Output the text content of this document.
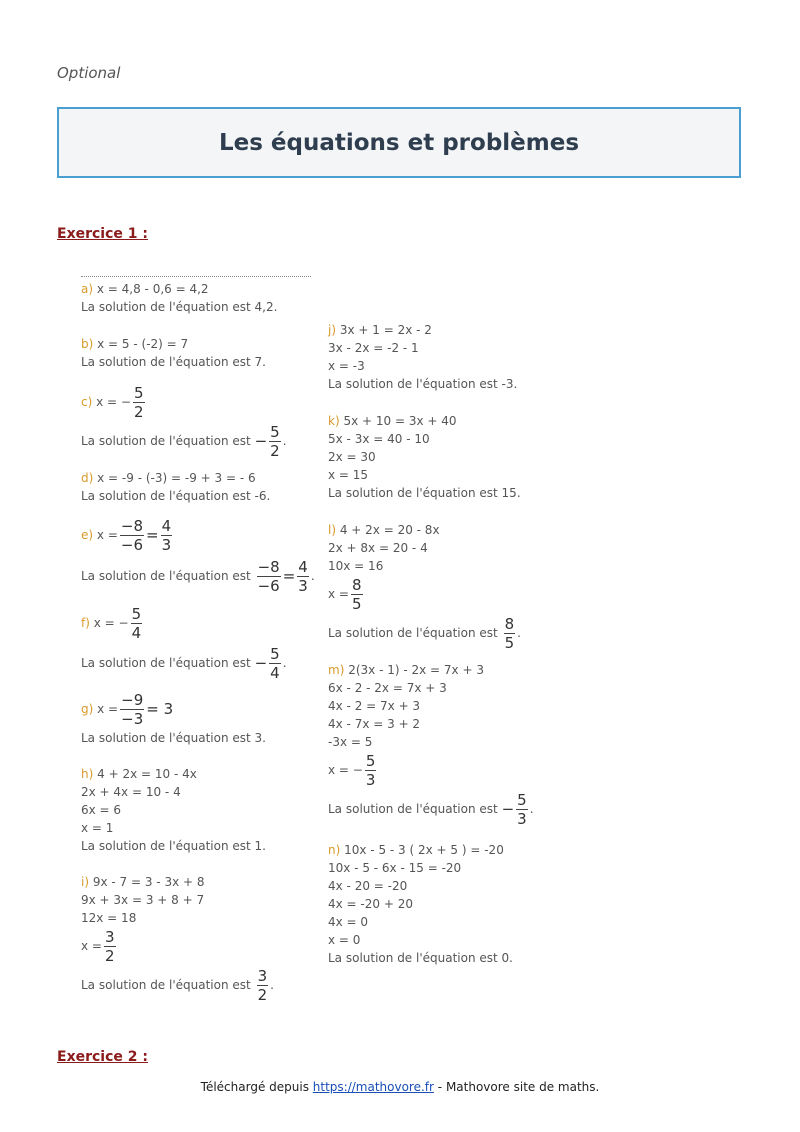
Optional
Les équations et problèmes
Exercice 1 :
a) x = 4,8 - 0,6 = 4,2
La solution de l'équation est 4,2.
b) x = 5 - (-2) = 7
La solution de l'équation est 7.
c)
x = − $\frac{5}{2}$
La solution de l'équation est
− $\frac{5}{2}$ .
d) x = -9 - (-3) = -9 + 3 = - 6
La solution de l'équation est -6.
e)
$x = \frac{-8}{-6} = \frac{4}{3}$
La solution de l'équation est
$\frac{-8}{-6} = \frac{4}{3}$ .
f)
x = − $\frac{5}{4}$
La solution de l'équation est
− $\frac{5}{4}$ .
g)
$x = \frac{-9}{-3} = 3$
La solution de l'équation est 3.
h) 4 + 2x = 10 - 4x
2x + 4x = 10 - 4
6x = 6
x = 1
La solution de l'équation est 1.
i) 9x - 7 = 3 - 3x + 8
9x + 3x = 3 + 8 + 7
12x = 18
$x = \frac{3}{2}$
La solution de l'équation est
$\frac{3}{2}$ .
j) 3x + 1 = 2x - 2
3x - 2x = -2 - 1
x = -3
La solution de l'équation est -3.
k) 5x + 10 = 3x + 40
5x - 3x = 40 - 10
2x = 30
x = 15
La solution de l'équation est 15.
l) 4 + 2x = 20 - 8x
2x + 8x = 20 - 4
10x = 16
$x = \frac{8}{5}$
La solution de l'équation est
$\frac{8}{5}$ .
m) 2(3x - 1) - 2x = 7x + 3
6x - 2 - 2x = 7x + 3
4x - 2 = 7x + 3
4x - 7x = 3 + 2
-3x = 5
x = − $\frac{5}{3}$
La solution de l'équation est
− $\frac{5}{3}$ .
n) 10x - 5 - 3 ( 2x + 5 ) = -20
10x - 5 - 6x - 15 = -20
4x - 20 = -20
4x = -20 + 20
4x = 0
x = 0
La solution de l'équation est 0.
Exercice 2 :
Téléchargé depuis https://mathovore.fr - Mathovore site de maths.
